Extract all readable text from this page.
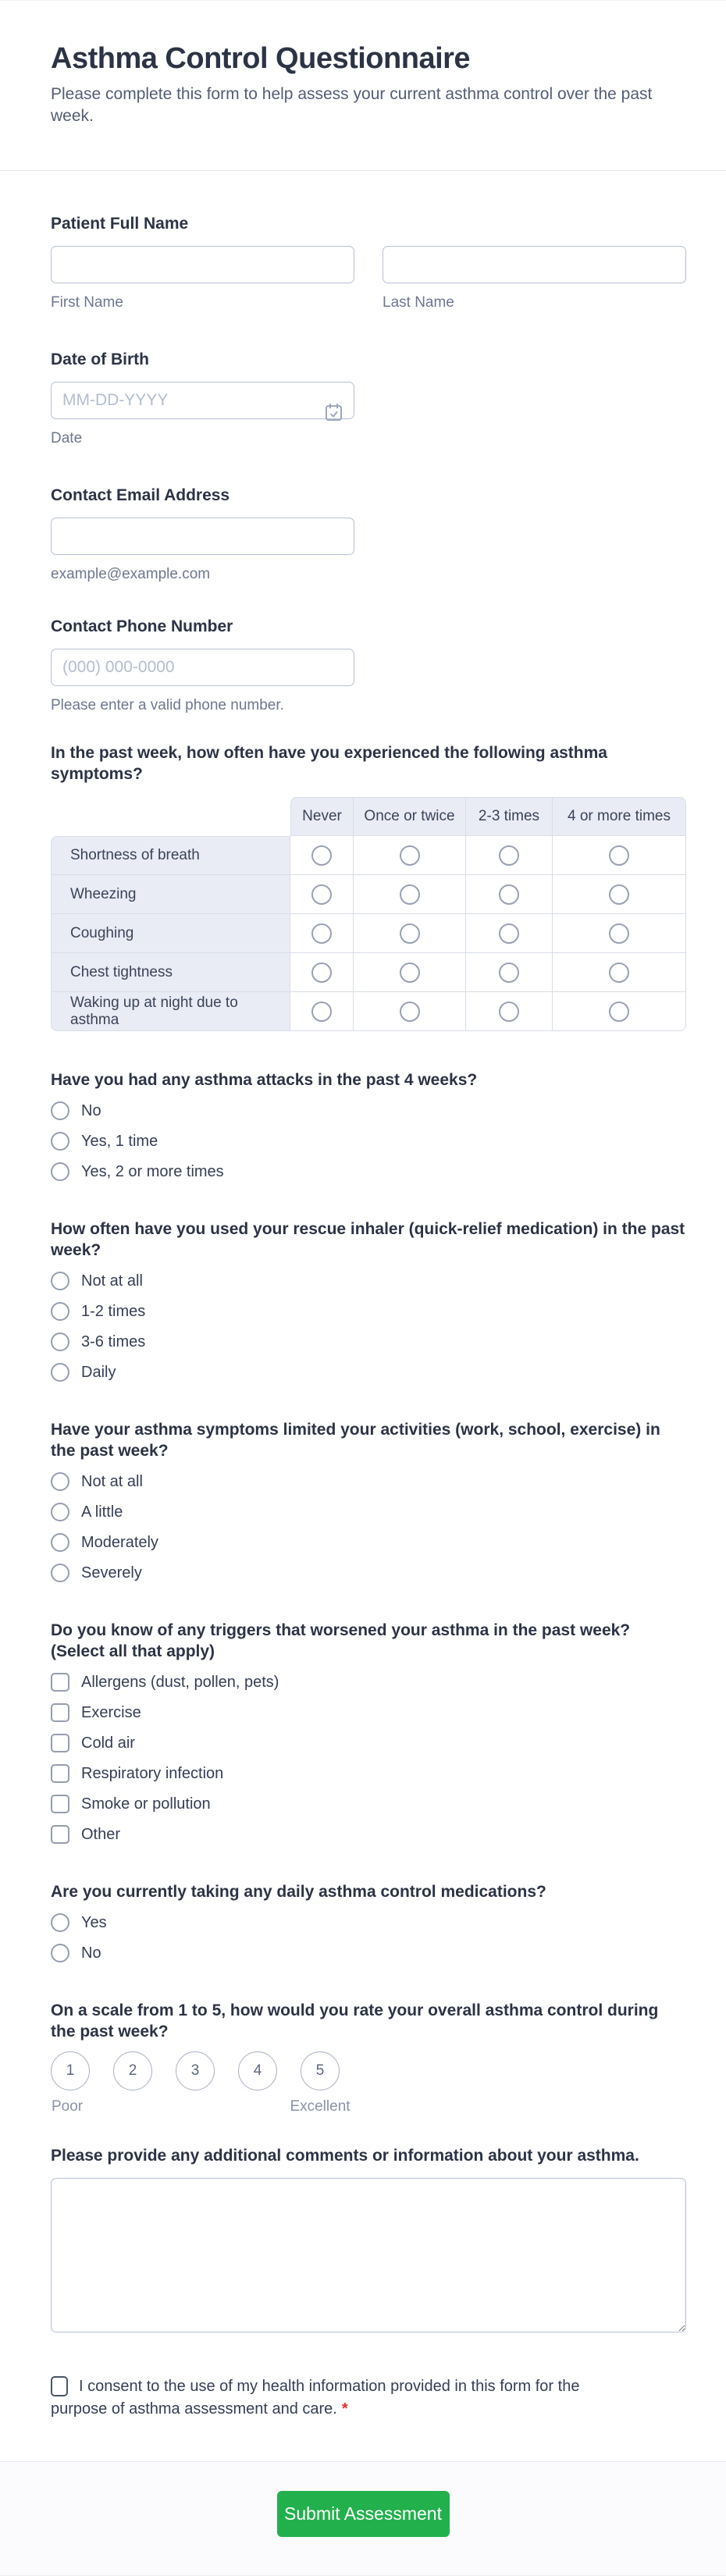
Asthma Control Questionnaire
Please complete this form to help assess your current asthma control over the past week.
Patient Full Name
First Name	Last Name
Date of Birth
MM-DD-YYYY
Date
Contact Email Address
example@example.com
Contact Phone Number
(000) 000-0000
Please enter a valid phone number.
In the past week, how often have you experienced the following asthma symptoms?
	Never	Once or twice	2-3 times	4 or more times
Shortness of breath				
Wheezing				
Coughing				
Chest tightness				
Waking up at night due to asthma				
Have you had any asthma attacks in the past 4 weeks?
No
Yes, 1 time
Yes, 2 or more times
How often have you used your rescue inhaler (quick-relief medication) in the past week?
Not at all
1-2 times
3-6 times
Daily
Have your asthma symptoms limited your activities (work, school, exercise) in the past week?
Not at all
A little
Moderately
Severely
Do you know of any triggers that worsened your asthma in the past week? (Select all that apply)
Allergens (dust, pollen, pets)
Exercise
Cold air
Respiratory infection
Smoke or pollution
Other
Are you currently taking any daily asthma control medications?
Yes
No
On a scale from 1 to 5, how would you rate your overall asthma control during the past week?
1	2	3	4	5
Poor	Excellent
Please provide any additional comments or information about your asthma.

I consent to the use of my health information provided in this form for the purpose of asthma assessment and care. *

Submit Assessment
